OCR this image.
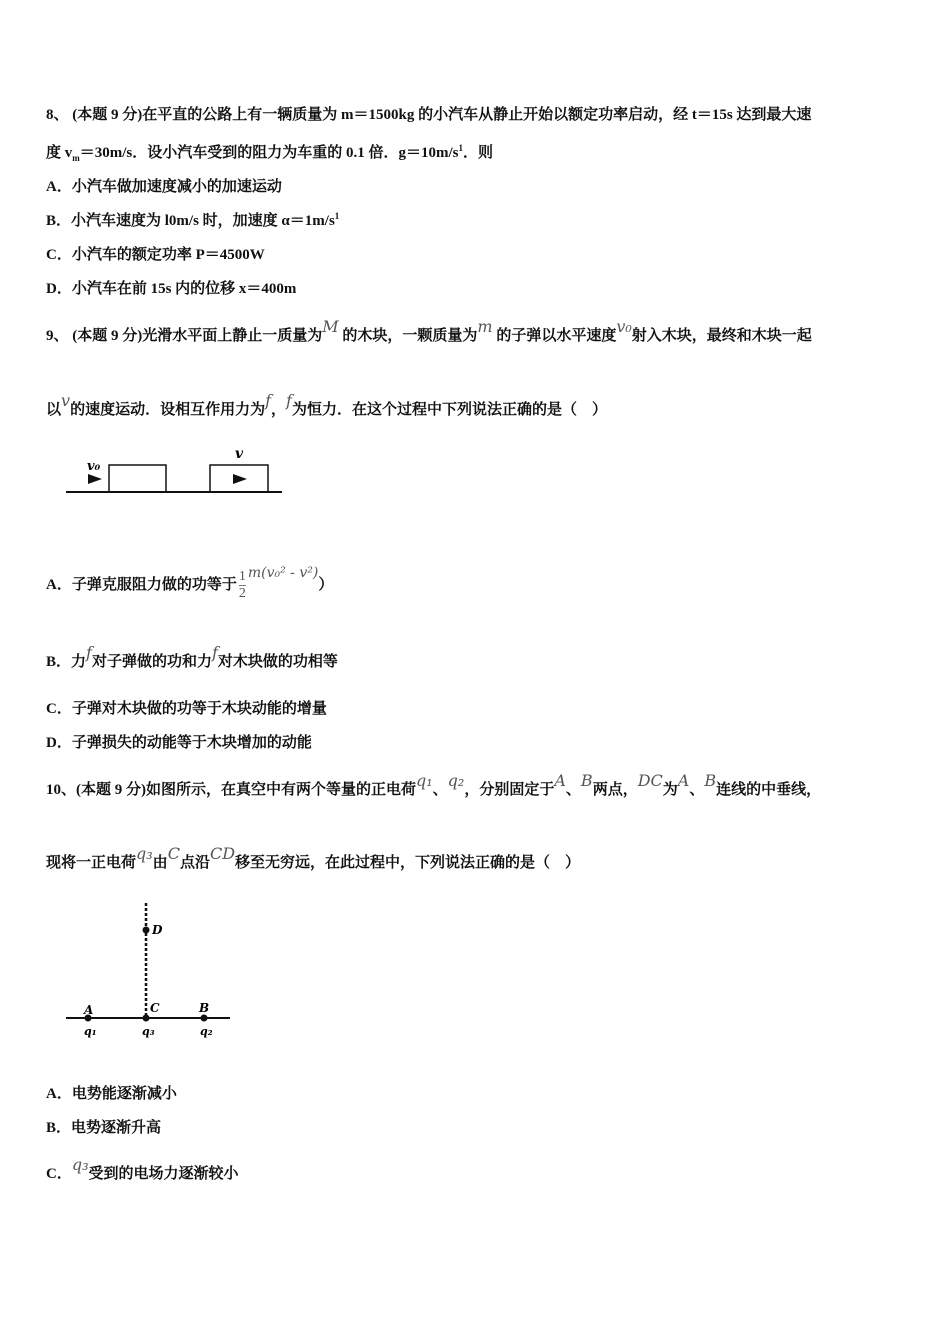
8、 (本题 9 分)在平直的公路上有一辆质量为 m＝1500kg 的小汽车从静止开始以额定功率启动，经 t＝15s 达到最大速
度 $v_m=30m/s$．设小汽车受到的阻力为车重的 0.1 倍．$g=10m/s^1$．则
A．小汽车做加速度减小的加速运动
B．小汽车速度为 l0m/s 时，加速度 $\alpha=1m/s^1$
C．小汽车的额定功率 P＝4500W
D．小汽车在前 15s 内的位移 x＝400m
9、 (本题 9 分)光滑水平面上静止一质量为M 的木块，一颗质量为m 的子弹以水平速度v₀射入木块，最终和木块一起
以v的速度运动．设相互作用力为f，f为恒力．在这个过程中下列说法正确的是（　）
v₀
v
A．子弹克服阻力做的功等于 $\frac{1}{2} m(v_0^2 - v^2)$）
B．力f对子弹做的功和力f对木块做的功相等
C．子弹对木块做的功等于木块动能的增量
D．子弹损失的动能等于木块增加的动能
10、(本题 9 分)如图所示，在真空中有两个等量的正电荷q₁、q₂，分别固定于A、B两点，DC为A、B连线的中垂线，
现将一正电荷q₃由C点沿CD移至无穷远，在此过程中，下列说法正确的是（　）
D
A	C	B
q₁	q₃	q₂
A．电势能逐渐减小
B．电势逐渐升高
C．q₃受到的电场力逐渐较小
